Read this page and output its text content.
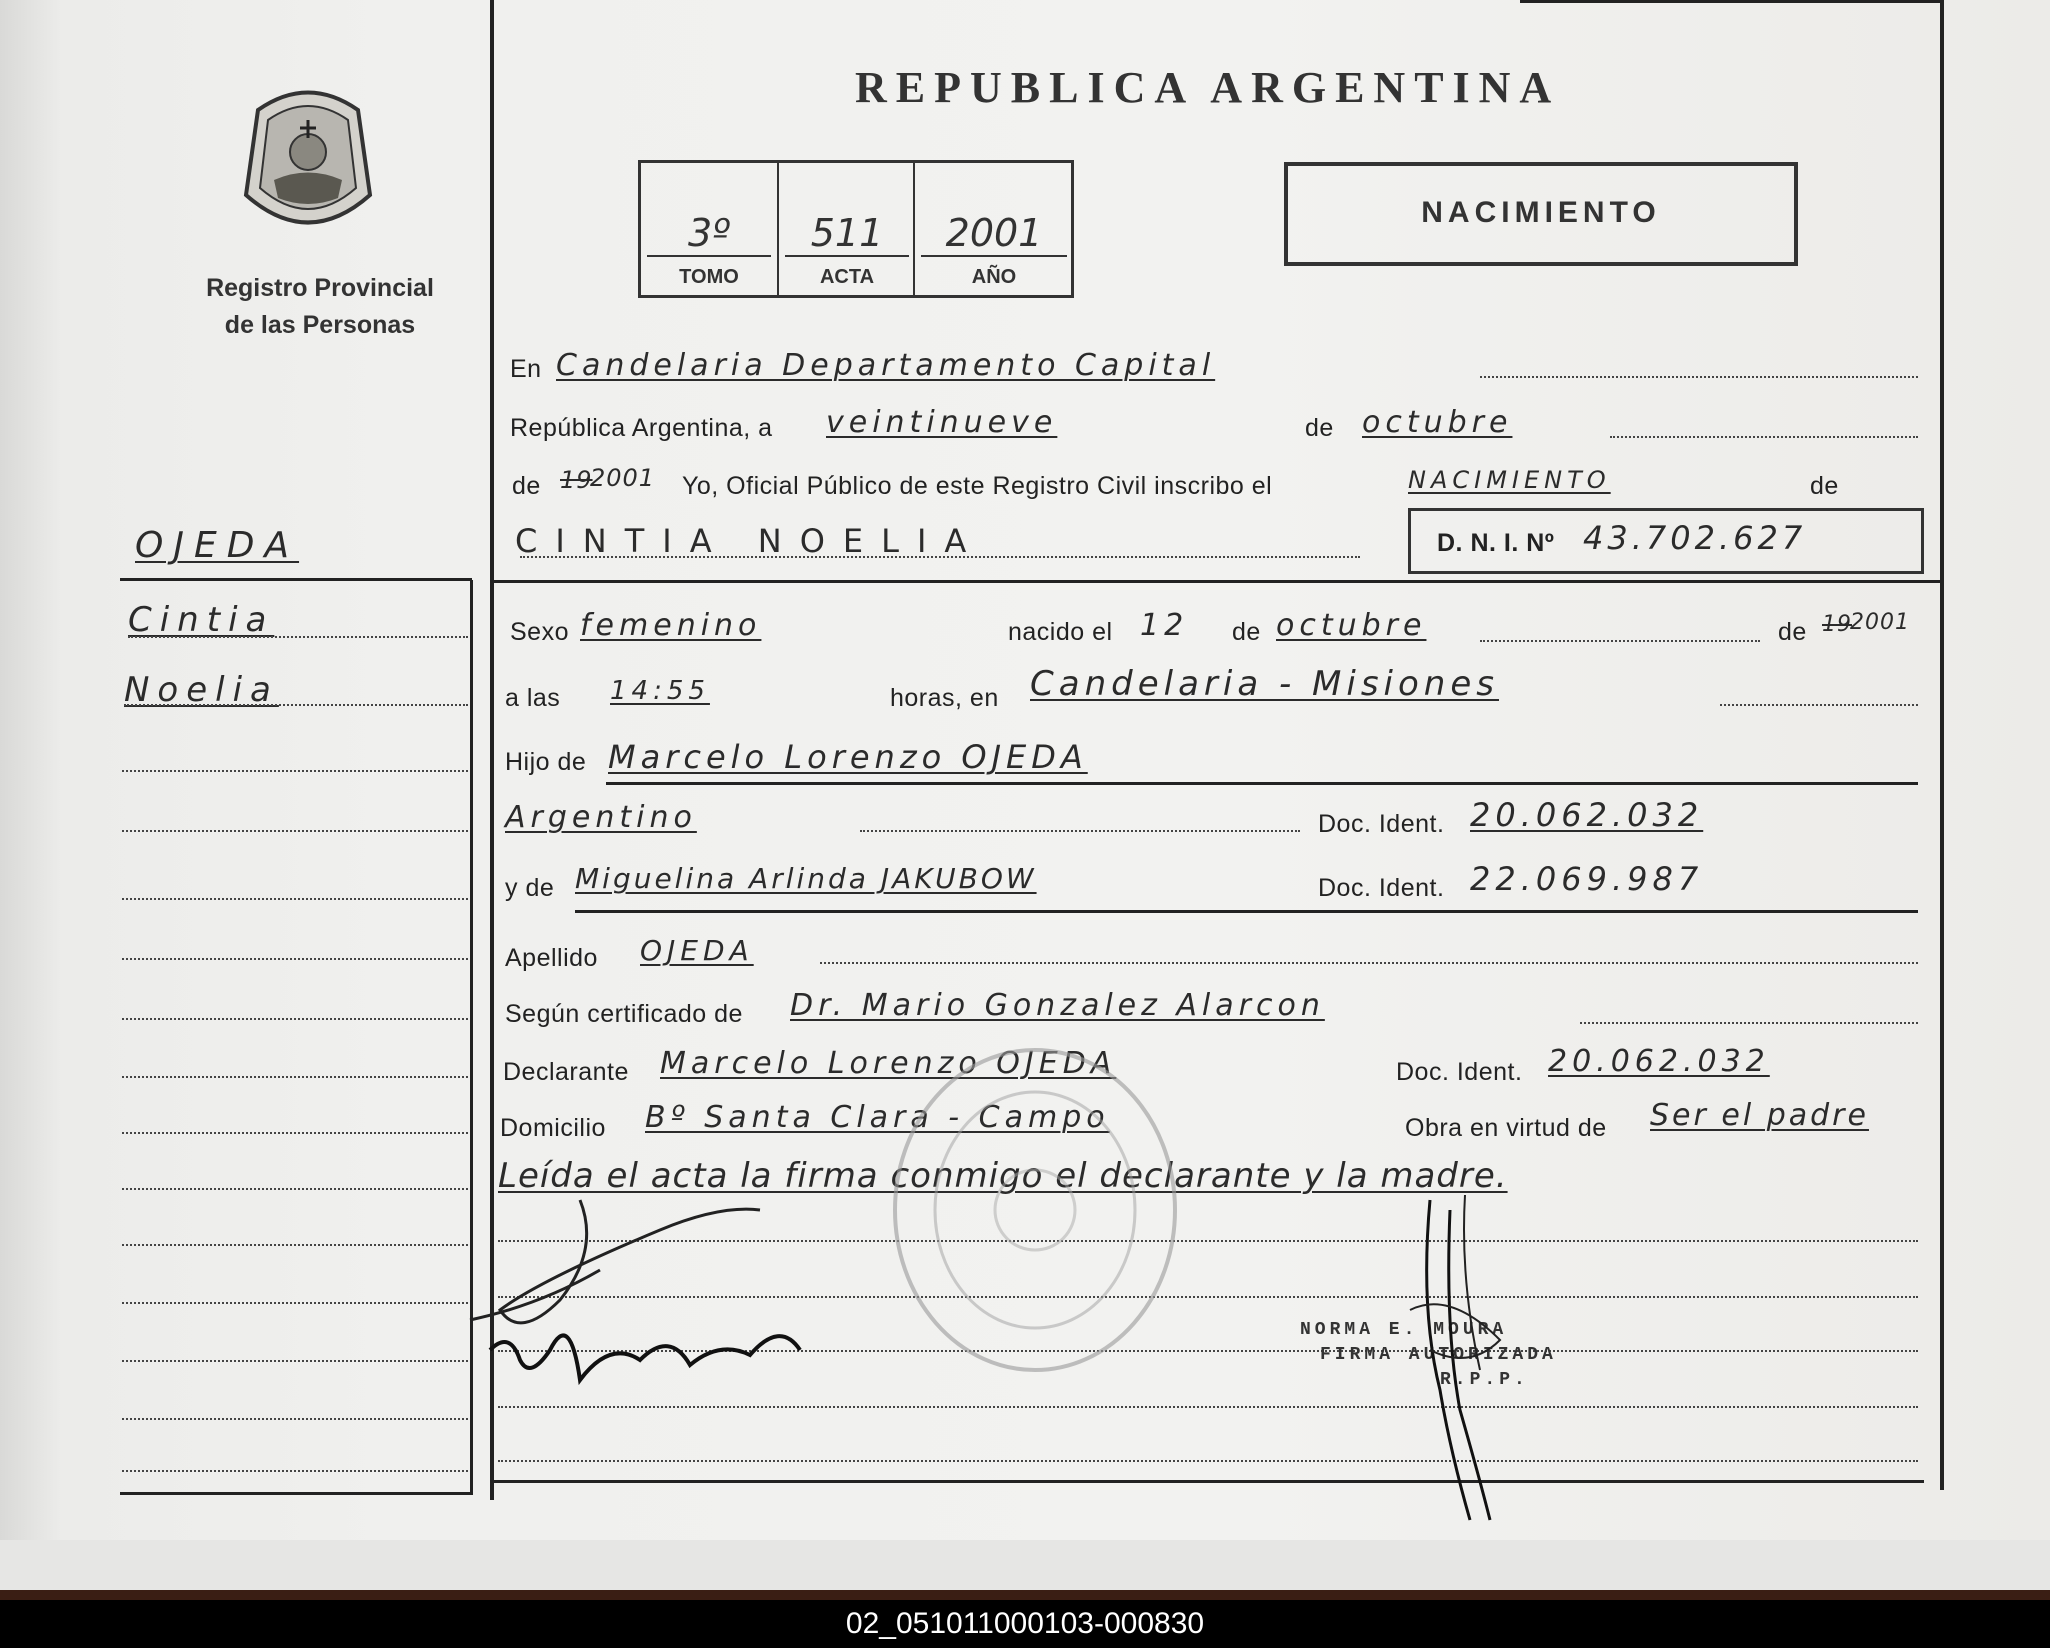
Registro Provincial
de las Personas
REPUBLICA ARGENTINA
3º
TOMO
511
ACTA
2001
AÑO
NACIMIENTO
OJEDA
Cintia
Noelia
En Candelaria Departamento Capital
República Argentina, a veintinueve	de octubre
de 19
2001 Yo, Oficial Público de este Registro Civil inscribo el	NACIMIENTO	de
CINTIA NOELIA	D. N. I. Nº 43.702.627
Sexo femenino	nacido el 12 de octubre	de 19
2001
a las 14:55	horas, en Candelaria - Misiones
Hijo de Marcelo Lorenzo OJEDA
Argentino	Doc. Ident. 20.062.032
y de Miguelina Arlinda JAKUBOW	Doc. Ident. 22.069.987
Apellido OJEDA
Según certificado de Dr. Mario Gonzalez Alarcon
Declarante Marcelo Lorenzo OJEDA	Doc. Ident. 20.062.032
Domicilio Bº Santa Clara - Campo	Obra en virtud de Ser el padre
Leída el acta la firma conmigo el declarante y la madre.
NORMA E. MOURA
FIRMA AUTORIZADA
R.P.P.
02_051011000103-000830
